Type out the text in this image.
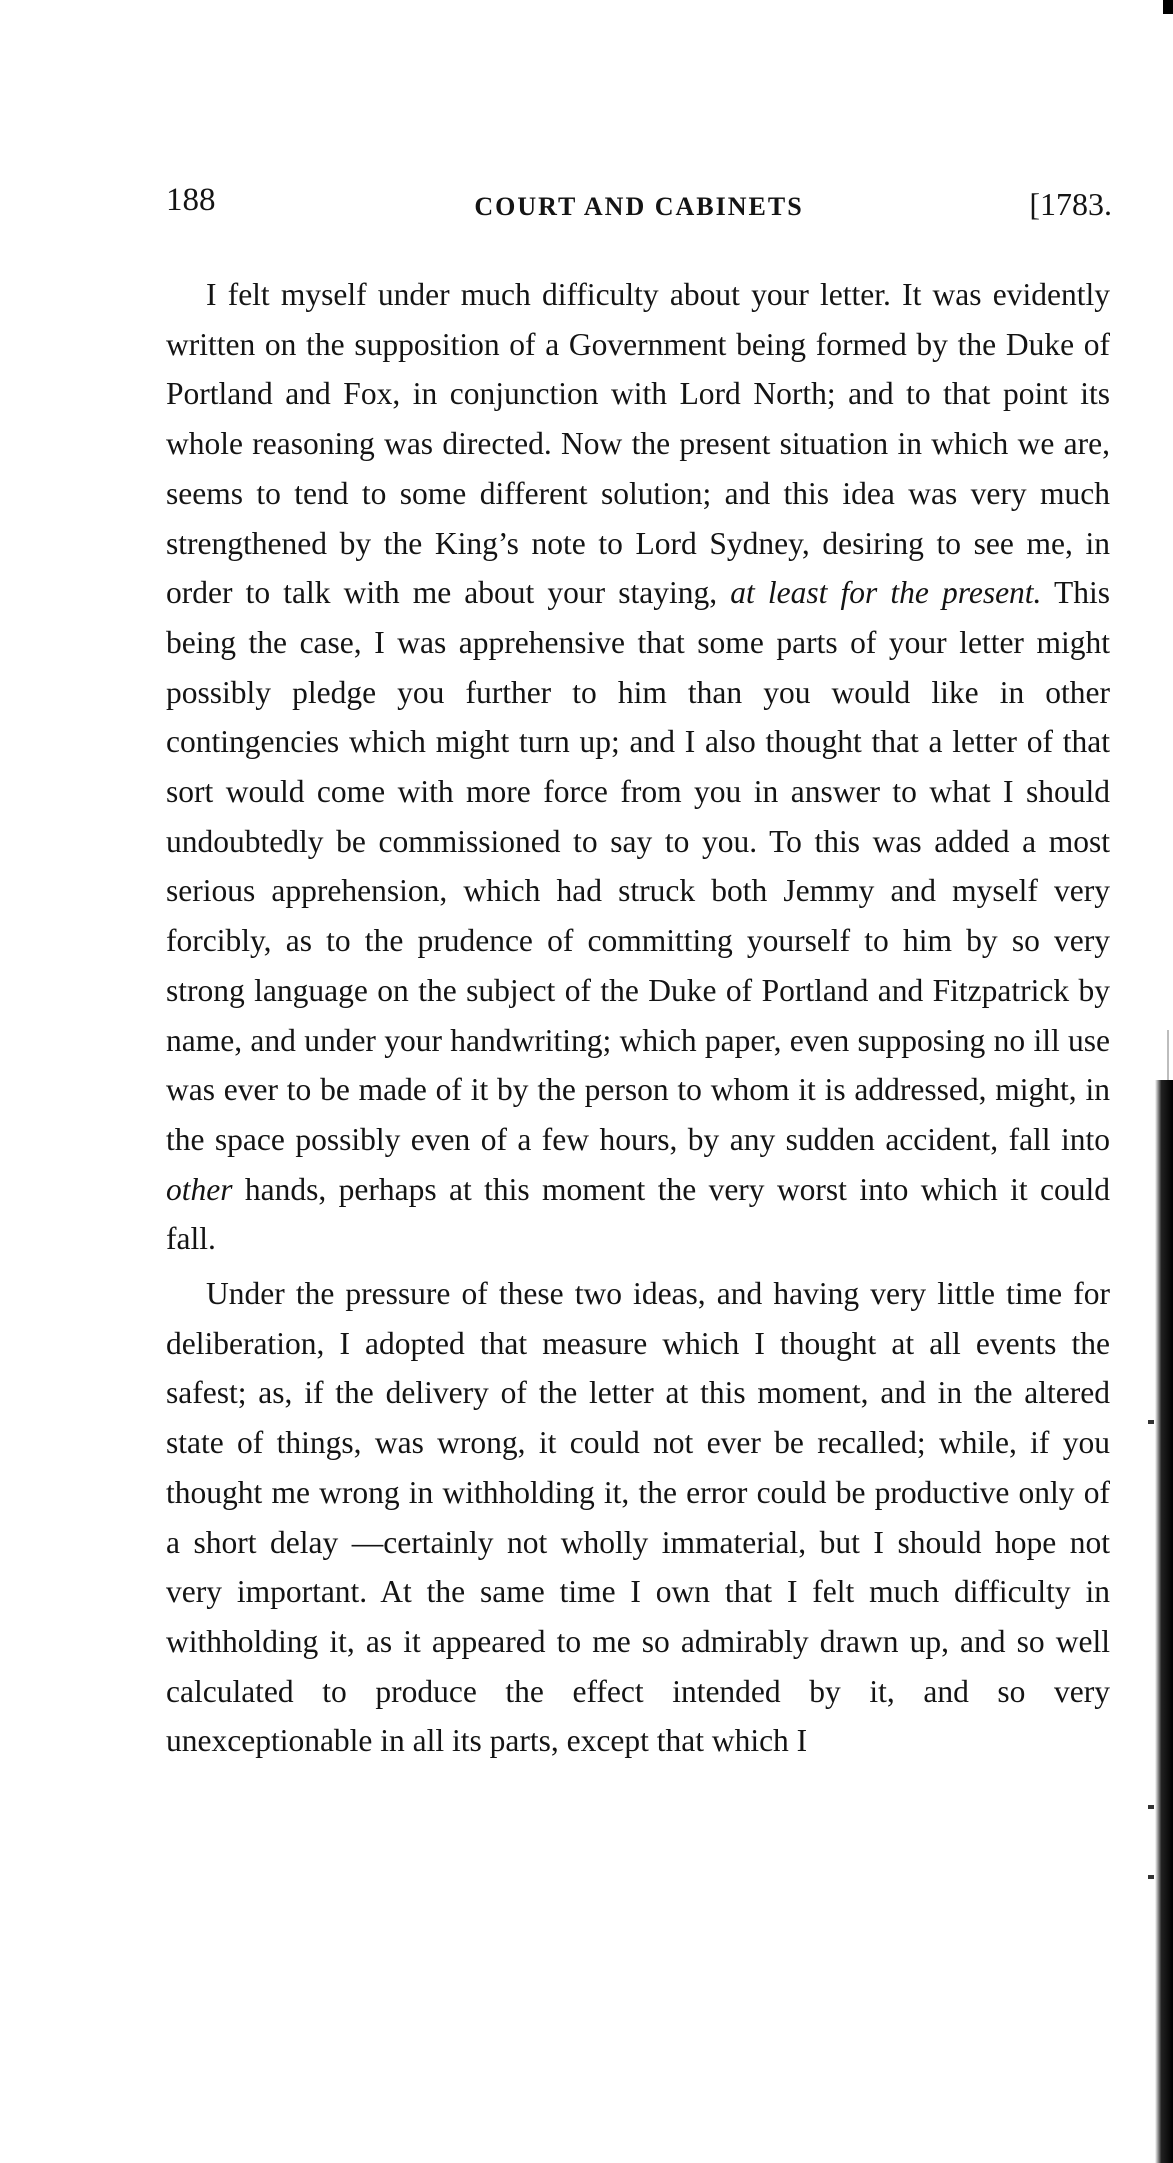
188	COURT AND CABINETS	[1783.

I felt myself under much difficulty about your letter. It was evidently written on the supposition of a Government being formed by the Duke of Portland and Fox, in conjunction with Lord North; and to that point its whole reasoning was directed. Now the present situation in which we are, seems to tend to some different solution; and this idea was very much strengthened by the King’s note to Lord Sydney, desiring to see me, in order to talk with me about your staying, at least for the present. This being the case, I was apprehensive that some parts of your letter might possibly pledge you further to him than you would like in other contingencies which might turn up; and I also thought that a letter of that sort would come with more force from you in answer to what I should undoubtedly be commissioned to say to you. To this was added a most serious apprehension, which had struck both Jemmy and myself very forcibly, as to the prudence of committing yourself to him by so very strong language on the subject of the Duke of Portland and Fitzpatrick by name, and under your handwriting; which paper, even supposing no ill use was ever to be made of it by the person to whom it is addressed, might, in the space possibly even of a few hours, by any sudden accident, fall into other hands, perhaps at this moment the very worst into which it could fall.

Under the pressure of these two ideas, and having very little time for deliberation, I adopted that measure which I thought at all events the safest; as, if the delivery of the letter at this moment, and in the altered state of things, was wrong, it could not ever be recalled; while, if you thought me wrong in withholding it, the error could be productive only of a short delay —certainly not wholly immaterial, but I should hope not very important. At the same time I own that I felt much difficulty in withholding it, as it appeared to me so admirably drawn up, and so well calculated to produce the effect intended by it, and so very unexceptionable in all its parts, except that which I
